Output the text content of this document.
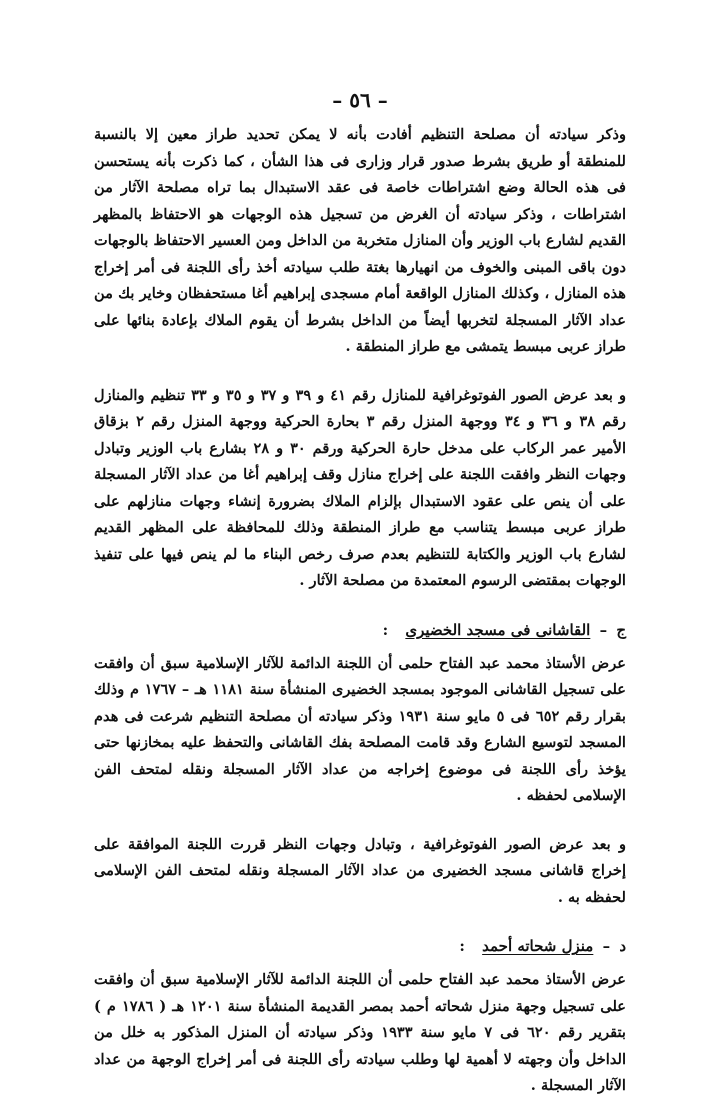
– ٥٦ –

وذكر سيادته أن مصلحة التنظيم أفادت بأنه لا يمكن تحديد طراز معين إلا بالنسبة للمنطقة أو طريق بشرط صدور قرار وزارى فى هذا الشأن ، كما ذكرت بأنه يستحسن فى هذه الحالة وضع اشتراطات خاصة فى عقد الاستبدال بما تراه مصلحة الآثار من اشتراطات ، وذكر سيادته أن الغرض من تسجيل هذه الوجهات هو الاحتفاظ بالمظهر القديم لشارع باب الوزير وأن المنازل متخربة من الداخل ومن العسير الاحتفاظ بالوجهات دون باقى المبنى والخوف من انهيارها بغتة طلب سيادته أخذ رأى اللجنة فى أمر إخراج هذه المنازل ، وكذلك المنازل الواقعة أمام مسجدى إبراهيم أغا مستحفظان وخاير بك من عداد الآثار المسجلة لتخربها أيضاً من الداخل بشرط أن يقوم الملاك بإعادة بنائها على طراز عربى مبسط يتمشى مع طراز المنطقة .

و بعد عرض الصور الفوتوغرافية للمنازل رقم ٤١ و ٣٩ و ٣٧ و ٣٥ و ٣٣ تنظيم والمنازل رقم ٣٨ و ٣٦ و ٣٤ ووجهة المنزل رقم ٣ بحارة الحركية ووجهة المنزل رقم ٢ بزقاق الأمير عمر الركاب على مدخل حارة الحركية ورقم ٣٠ و ٢٨ بشارع باب الوزير وتبادل وجهات النظر وافقت اللجنة على إخراج منازل وقف إبراهيم أغا من عداد الآثار المسجلة على أن ينص على عقود الاستبدال بإلزام الملاك بضرورة إنشاء وجهات منازلهم على طراز عربى مبسط يتناسب مع طراز المنطقة وذلك للمحافظة على المظهر القديم لشارع باب الوزير والكتابة للتنظيم بعدم صرف رخص البناء ما لم ينص فيها على تنفيذ الوجهات بمقتضى الرسوم المعتمدة من مصلحة الآثار .

ج – القاشانى فى مسجد الخضيرى :

عرض الأستاذ محمد عبد الفتاح حلمى أن اللجنة الدائمة للآثار الإسلامية سبق أن وافقت على تسجيل القاشانى الموجود بمسجد الخضيرى المنشأة سنة ١١٨١ هـ – ١٧٦٧ م وذلك بقرار رقم ٦٥٢ فى ٥ مايو سنة ١٩٣١ وذكر سيادته أن مصلحة التنظيم شرعت فى هدم المسجد لتوسيع الشارع وقد قامت المصلحة بفك القاشانى والتحفظ عليه بمخازنها حتى يؤخذ رأى اللجنة فى موضوع إخراجه من عداد الآثار المسجلة ونقله لمتحف الفن الإسلامى لحفظه .

و بعد عرض الصور الفوتوغرافية ، وتبادل وجهات النظر قررت اللجنة الموافقة على إخراج قاشانى مسجد الخضيرى من عداد الآثار المسجلة ونقله لمتحف الفن الإسلامى لحفظه به .

د – منزل شحاته أحمد :

عرض الأستاذ محمد عبد الفتاح حلمى أن اللجنة الدائمة للآثار الإسلامية سبق أن وافقت على تسجيل وجهة منزل شحاته أحمد بمصر القديمة المنشأة سنة ١٢٠١ هـ ( ١٧٨٦ م ) بتقرير رقم ٦٢٠ فى ٧ مايو سنة ١٩٣٣ وذكر سيادته أن المنزل المذكور به خلل من الداخل وأن وجهته لا أهمية لها وطلب سيادته رأى اللجنة فى أمر إخراج الوجهة من عداد الآثار المسجلة .
